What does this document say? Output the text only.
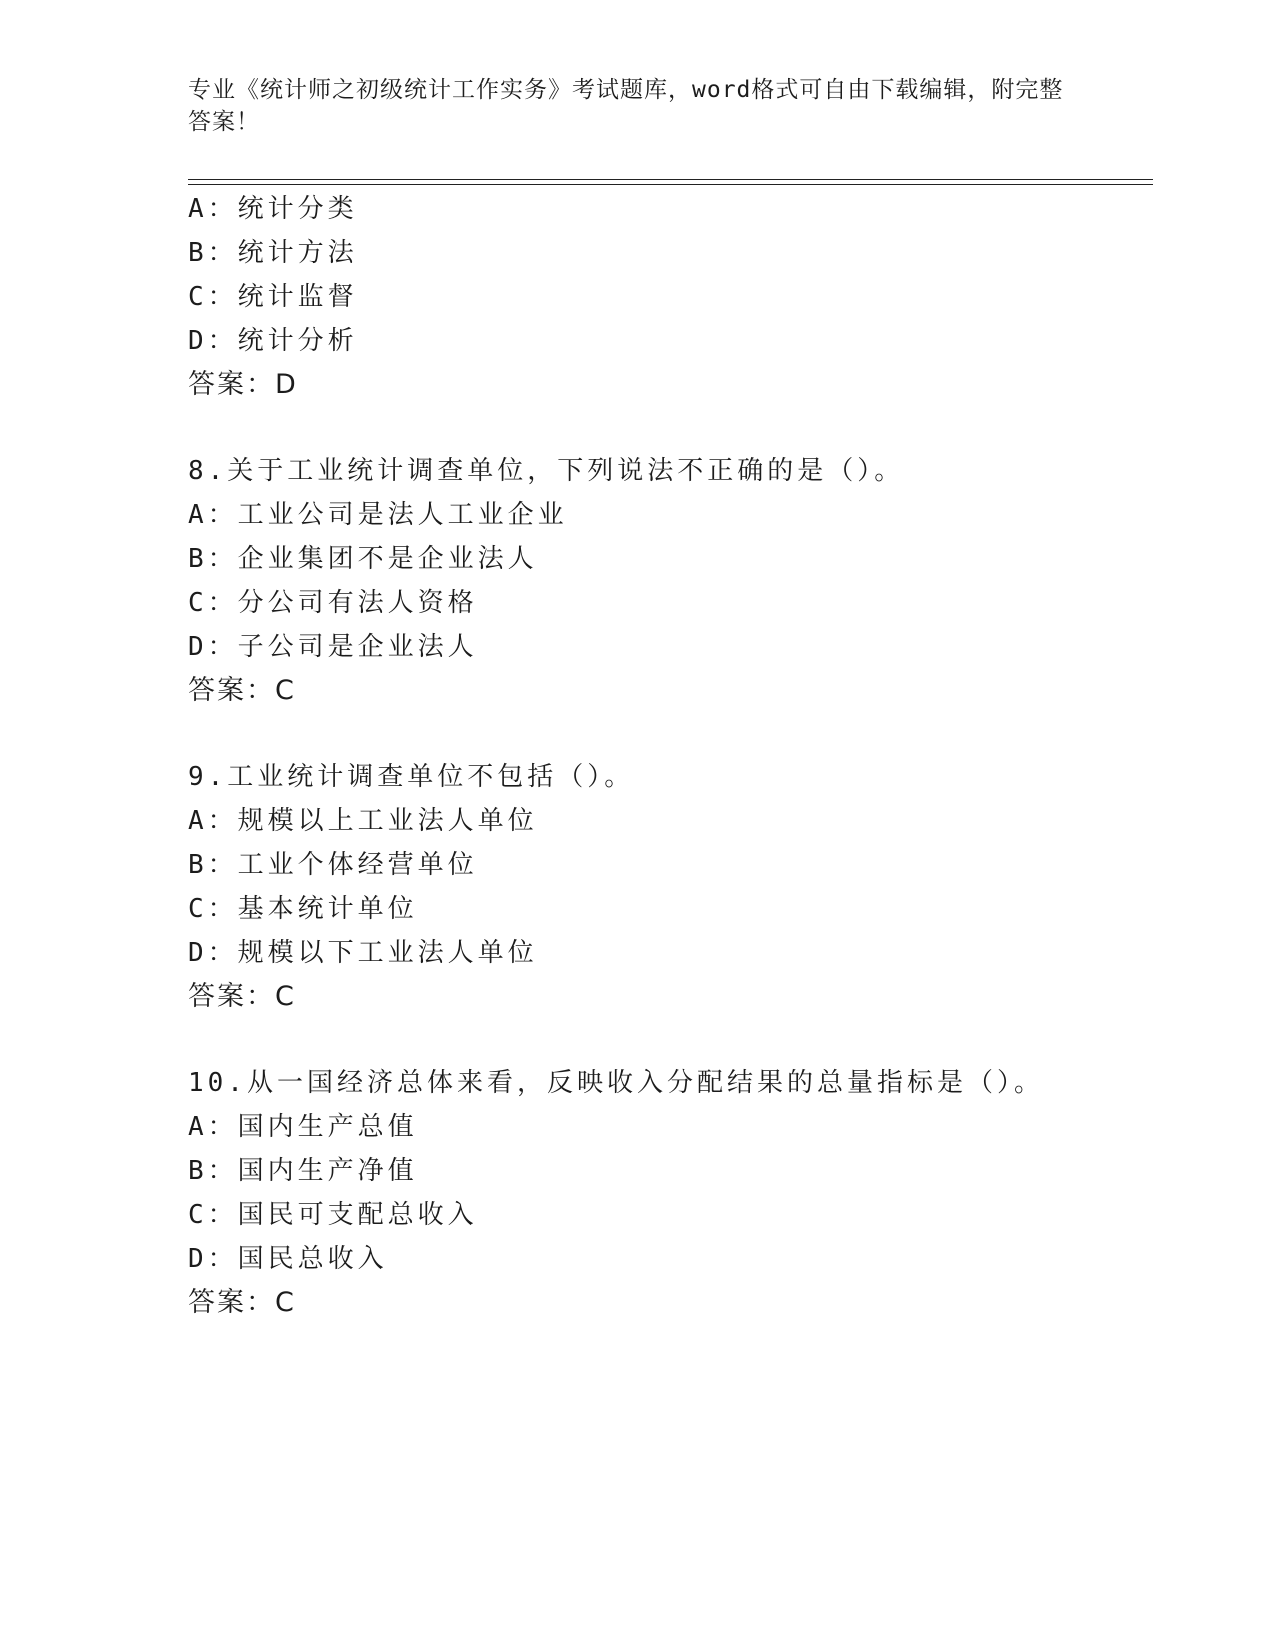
专业《统计师之初级统计工作实务》考试题库，word格式可自由下载编辑，附完整答案！
A：统计分类
B：统计方法
C：统计监督
D：统计分析
答案：D
8.关于工业统计调查单位，下列说法不正确的是（）。
A：工业公司是法人工业企业
B：企业集团不是企业法人
C：分公司有法人资格
D：子公司是企业法人
答案：C
9.工业统计调查单位不包括（）。
A：规模以上工业法人单位
B：工业个体经营单位
C：基本统计单位
D：规模以下工业法人单位
答案：C
10.从一国经济总体来看，反映收入分配结果的总量指标是（）。
A：国内生产总值
B：国内生产净值
C：国民可支配总收入
D：国民总收入
答案：C
